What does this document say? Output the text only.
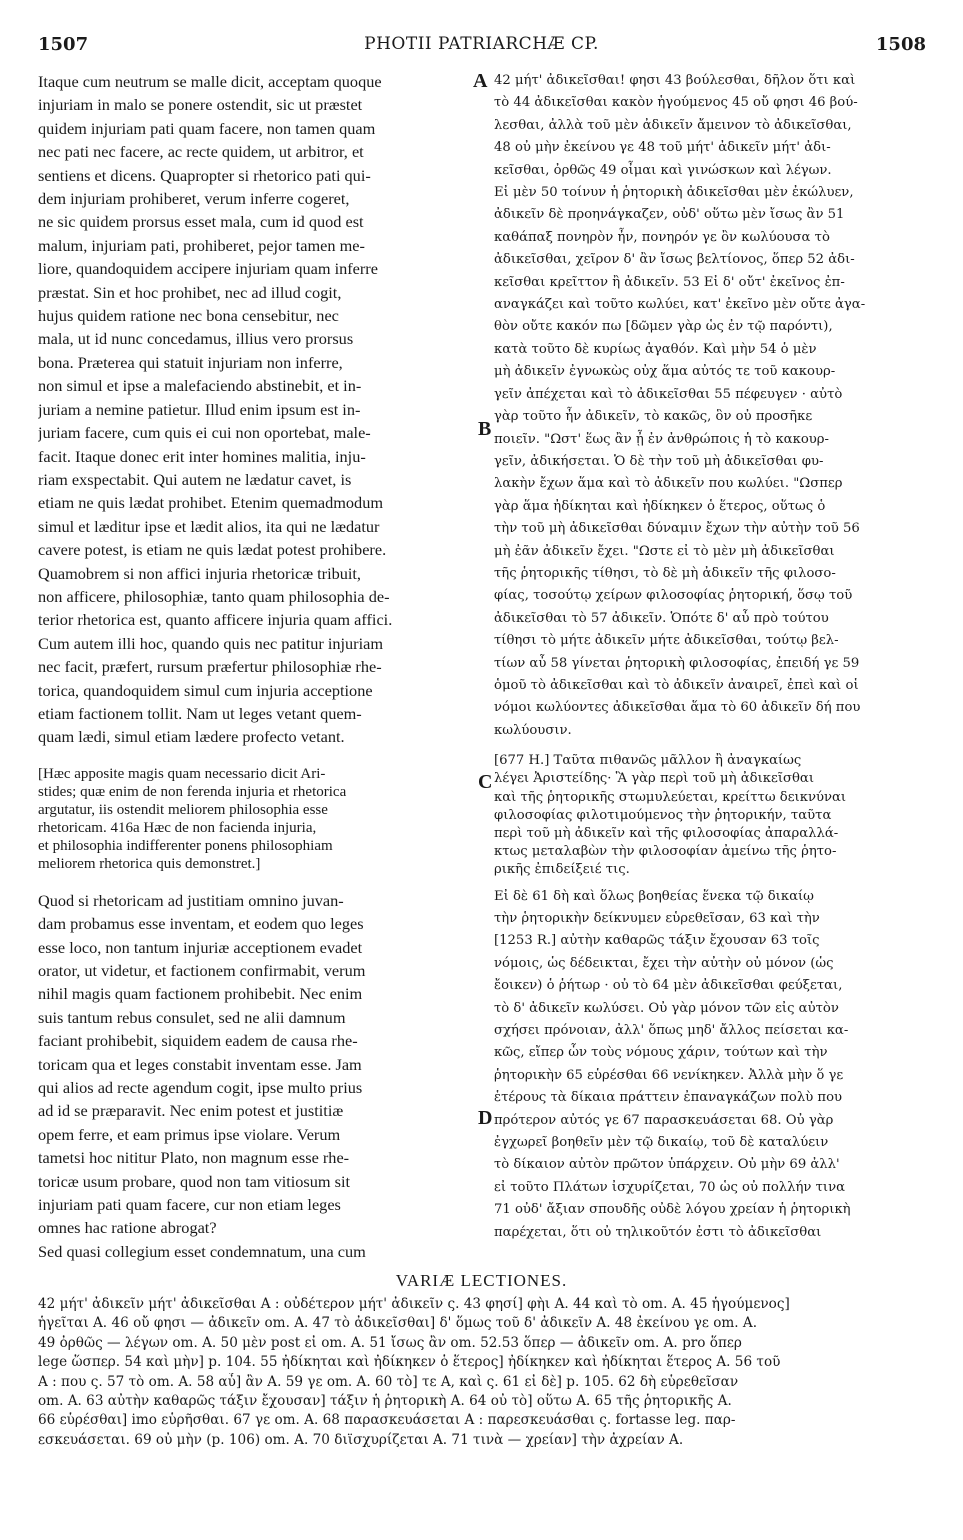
1507	PHOTII PATRIARCHÆ CP.	1508
A
B
C
D
Itaque cum neutrum se malle dicit, acceptam quoque
injuriam in malo se ponere ostendit, sic ut præstet
quidem injuriam pati quam facere, non tamen quam
nec pati nec facere, ac recte quidem, ut arbitror, et
sentiens et dicens. Quapropter si rhetorico pati qui-
dem injuriam prohiberet, verum inferre cogeret,
ne sic quidem prorsus esset mala, cum id quod est
malum, injuriam pati, prohiberet, pejor tamen me-
liore, quandoquidem accipere injuriam quam inferre
præstat. Sin et hoc prohibet, nec ad illud cogit,
hujus quidem ratione nec bona censebitur, nec
mala, ut id nunc concedamus, illius vero prorsus
bona. Præterea qui statuit injuriam non inferre,
non simul et ipse a malefaciendo abstinebit, et in-
juriam a nemine patietur. Illud enim ipsum est in-
juriam facere, cum quis ei cui non oportebat, male-
facit. Itaque donec erit inter homines malitia, inju-
riam exspectabit. Qui autem ne lædatur cavet, is
etiam ne quis lædat prohibet. Etenim quemadmodum
simul et læditur ipse et lædit alios, ita qui ne lædatur
cavere potest, is etiam ne quis lædat potest prohibere.
Quamobrem si non affici injuria rhetoricæ tribuit,
non afficere, philosophiæ, tanto quam philosophia de-
terior rhetorica est, quanto afficere injuria quam affici.
Cum autem illi hoc, quando quis nec patitur injuriam
nec facit, præfert, rursum præfertur philosophiæ rhe-
torica, quandoquidem simul cum injuria acceptione
etiam factionem tollit. Nam ut leges vetant quem-
quam lædi, simul etiam lædere profecto vetant.
[Hæc apposite magis quam necessario dicit Ari-
stides; quæ enim de non ferenda injuria et rhetorica
argutatur, iis ostendit meliorem philosophia esse
rhetoricam. 416a Hæc de non facienda injuria,
et philosophia indifferenter ponens philosophiam
meliorem rhetorica quis demonstret.]
Quod si rhetoricam ad justitiam omnino juvan-
dam probamus esse inventam, et eodem quo leges
esse loco, non tantum injuriæ acceptionem evadet
orator, ut videtur, et factionem confirmabit, verum
nihil magis quam factionem prohibebit. Nec enim
suis tantum rebus consulet, sed ne alii damnum
faciant prohibebit, siquidem eadem de causa rhe-
toricam qua et leges constabit inventam esse. Jam
qui alios ad recte agendum cogit, ipse multo prius
ad id se præparavit. Nec enim potest et justitiæ
opem ferre, et eam primus ipse violare. Verum
tametsi hoc nititur Plato, non magnum esse rhe-
toricæ usum probare, quod non tam vitiosum sit
injuriam pati quam facere, cur non etiam leges
omnes hac ratione abrogat?
Sed quasi collegium esset condemnatum, una cum
42 μήτ' ἀδικεῖσθαι! φησι 43 βούλεσθαι, δῆλον ὅτι καὶ
τὸ 44 ἀδικεῖσθαι κακὸν ἡγούμενος 45 οὔ φησι 46 βού-
λεσθαι, ἀλλὰ τοῦ μὲν ἀδικεῖν ἄμεινον τὸ ἀδικεῖσθαι,
48 οὐ μὴν ἐκείνου γε 48 τοῦ μήτ' ἀδικεῖν μήτ' ἀδι-
κεῖσθαι, ὀρθῶς 49 οἶμαι καὶ γινώσκων καὶ λέγων.
Εἰ μὲν 50 τοίνυν ἡ ῥητορικὴ ἀδικεῖσθαι μὲν ἐκώλυεν,
ἀδικεῖν δὲ προηνάγκαζεν, οὐδ' οὕτω μὲν ἴσως ἂν 51
καθάπαξ πονηρὸν ἦν, πονηρόν γε ὂν κωλύουσα τὸ
ἀδικεῖσθαι, χεῖρον δ' ἂν ἴσως βελτίονος, ὅπερ 52 ἀδι-
κεῖσθαι κρεῖττον ἢ ἀδικεῖν. 53 Εἰ δ' οὔτ' ἐκεῖνος ἐπ-
αναγκάζει καὶ τοῦτο κωλύει, κατ' ἐκεῖνο μὲν οὔτε ἀγα-
θὸν οὔτε κακόν πω [δῶμεν γὰρ ὡς ἐν τῷ παρόντι),
κατὰ τοῦτο δὲ κυρίως ἀγαθόν. Καὶ μὴν 54 ὁ μὲν
μὴ ἀδικεῖν ἐγνωκὼς οὐχ ἅμα αὐτός τε τοῦ κακουρ-
γεῖν ἀπέχεται καὶ τὸ ἀδικεῖσθαι 55 πέφευγεν · αὐτὸ
γὰρ τοῦτο ἦν ἀδικεῖν, τὸ κακῶς, ὃν οὐ προσῆκε
ποιεῖν. "Ωστ' ἕως ἂν ᾖ ἐν ἀνθρώποις ἡ τὸ κακουρ-
γεῖν, ἀδικήσεται. Ὁ δὲ τὴν τοῦ μὴ ἀδικεῖσθαι φυ-
λακὴν ἔχων ἅμα καὶ τὸ ἀδικεῖν που κωλύει. "Ωσπερ
γὰρ ἅμα ἠδίκηται καὶ ἠδίκηκεν ὁ ἕτερος, οὕτως ὁ
τὴν τοῦ μὴ ἀδικεῖσθαι δύναμιν ἔχων τὴν αὐτὴν τοῦ 56
μὴ ἐᾶν ἀδικεῖν ἔχει. "Ωστε εἰ τὸ μὲν μὴ ἀδικεῖσθαι
τῆς ῥητορικῆς τίθησι, τὸ δὲ μὴ ἀδικεῖν τῆς φιλοσο-
φίας, τοσούτῳ χείρων φιλοσοφίας ῥητορική, ὅσῳ τοῦ
ἀδικεῖσθαι τὸ 57 ἀδικεῖν. Ὁπότε δ' αὖ πρὸ τούτου
τίθησι τὸ μήτε ἀδικεῖν μήτε ἀδικεῖσθαι, τούτῳ βελ-
τίων αὖ 58 γίνεται ῥητορικὴ φιλοσοφίας, ἐπειδή γε 59
ὁμοῦ τὸ ἀδικεῖσθαι καὶ τὸ ἀδικεῖν ἀναιρεῖ, ἐπεὶ καὶ οἱ
νόμοι κωλύοντες ἀδικεῖσθαι ἅμα τὸ 60 ἀδικεῖν δή που
κωλύουσιν.
[677 H.] Ταῦτα πιθανῶς μᾶλλον ἢ ἀναγκαίως
λέγει Ἀριστείδης· Ἃ γὰρ περὶ τοῦ μὴ ἀδικεῖσθαι
καὶ τῆς ῥητορικῆς στωμυλεύεται, κρείττω δεικνύναι
φιλοσοφίας φιλοτιμούμενος τὴν ῥητορικήν, ταῦτα
περὶ τοῦ μὴ ἀδικεῖν καὶ τῆς φιλοσοφίας ἀπαραλλά-
κτως μεταλαβὼν τὴν φιλοσοφίαν ἀμείνω τῆς ῥητο-
ρικῆς ἐπιδείξειέ τις.
Εἰ δὲ 61 δὴ καὶ ὅλως βοηθείας ἕνεκα τῷ δικαίῳ
τὴν ῥητορικὴν δείκνυμεν εὑρεθεῖσαν, 63 καὶ τὴν
[1253 R.] αὐτὴν καθαρῶς τάξιν ἔχουσαν 63 τοῖς
νόμοις, ὡς δέδεικται, ἔχει τὴν αὐτὴν οὐ μόνον (ὡς
ἔοικεν) ὁ ῥήτωρ · οὐ τὸ 64 μὲν ἀδικεῖσθαι φεύξεται,
τὸ δ' ἀδικεῖν κωλύσει. Οὐ γὰρ μόνον τῶν εἰς αὐτὸν
σχήσει πρόνοιαν, ἀλλ' ὅπως μηδ' ἄλλος πείσεται κα-
κῶς, εἴπερ ὧν τοὺς νόμους χάριν, τούτων καὶ τὴν
ῥητορικὴν 65 εὑρέσθαι 66 νενίκηκεν. Ἀλλὰ μὴν ὅ γε
ἑτέρους τὰ δίκαια πράττειν ἐπαναγκάζων πολὺ που
πρότερον αὐτός γε 67 παρασκευάσεται 68. Οὐ γὰρ
ἐγχωρεῖ βοηθεῖν μὲν τῷ δικαίῳ, τοῦ δὲ καταλύειν
τὸ δίκαιον αὐτὸν πρῶτον ὑπάρχειν. Οὐ μὴν 69 ἀλλ'
εἰ τοῦτο Πλάτων ἰσχυρίζεται, 70 ὡς οὐ πολλήν τινα
71 οὐδ' ἄξιαν σπουδῆς οὐδὲ λόγου χρείαν ἡ ῥητορικὴ
παρέχεται, ὅτι οὐ τηλικοῦτόν ἐστι τὸ ἀδικεῖσθαι
VARIÆ LECTIONES.
42 μήτ' ἀδικεῖν μήτ' ἀδικεῖσθαι A : οὐδέτερον μήτ' ἀδικεῖν ς. 43 φησί] φὴι A. 44 καὶ τὸ om. A. 45 ἡγούμενος]
ἡγεῖται A. 46 οὔ φησι — ἀδικεῖν om. A. 47 τὸ ἀδικεῖσθαι] δ' ὅμως τοῦ δ' ἀδικεῖν A. 48 ἐκείνου γε om. A.
49 ὀρθῶς — λέγων om. A. 50 μὲν post εἰ om. A. 51 ἴσως ἂν om. 52.53 ὅπερ — ἀδικεῖν om. A. pro ὅπερ
lege ὥσπερ. 54 καὶ μὴν] p. 104. 55 ἠδίκηται καὶ ἠδίκηκεν ὁ ἕτερος] ἠδίκηκεν καὶ ἠδίκηται ἕτερος A. 56 τοῦ
A : που ς. 57 τὸ om. A. 58 αὖ] ἂν A. 59 γε om. A. 60 τὸ] τε A, καὶ ς. 61 εἰ δὲ] p. 105. 62 δὴ εὑρεθεῖσαν
om. A. 63 αὐτὴν καθαρῶς τάξιν ἔχουσαν] τάξιν ἡ ῥητορικὴ A. 64 οὐ τὸ] οὕτω A. 65 τῆς ῥητορικῆς A.
66 εὑρέσθαι] imo εὑρῆσθαι. 67 γε om. A. 68 παρασκευάσεται A : παρεσκευάσθαι ς. fortasse leg. παρ-
εσκευάσεται. 69 οὐ μὴν (p. 106) om. A. 70 διϊσχυρίζεται A. 71 τινὰ — χρείαν] τὴν ἀχρείαν A.
